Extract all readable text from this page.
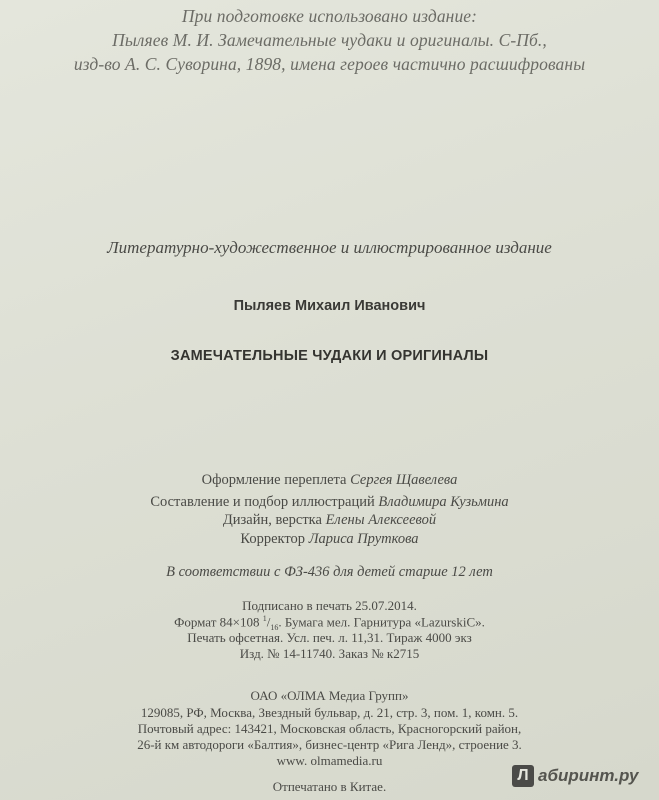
При подготовке использовано издание:
Пыляев М. И. Замечательные чудаки и оригиналы. С-Пб.,
изд-во А. С. Суворина, 1898, имена героев частично расшифрованы
Литературно-художественное и иллюстрированное издание
Пыляев Михаил Иванович
ЗАМЕЧАТЕЛЬНЫЕ ЧУДАКИ И ОРИГИНАЛЫ
Оформление переплета Сергея Щавелева
Составление и подбор иллюстраций Владимира Кузьмина
Дизайн, верстка Елены Алексеевой
Корректор Лариса Пруткова
В соответствии с ФЗ-436 для детей старше 12 лет
Подписано в печать 25.07.2014.
Формат 84×108 $^1/_{16}$. Бумага мел. Гарнитура «LazurskiC».
Печать офсетная. Усл. печ. л. 11,31. Тираж 4000 экз
Изд. № 14-11740. Заказ № к2715
ОАО «ОЛМА Медиа Групп»
129085, РФ, Москва, Звездный бульвар, д. 21, стр. 3, пом. 1, комн. 5.
Почтовый адрес: 143421, Московская область, Красногорский район,
26-й км автодороги «Балтия», бизнес-центр «Рига Ленд», строение 3.
www. olmamedia.ru
Отпечатано в Китае.
Л абиринт.ру
